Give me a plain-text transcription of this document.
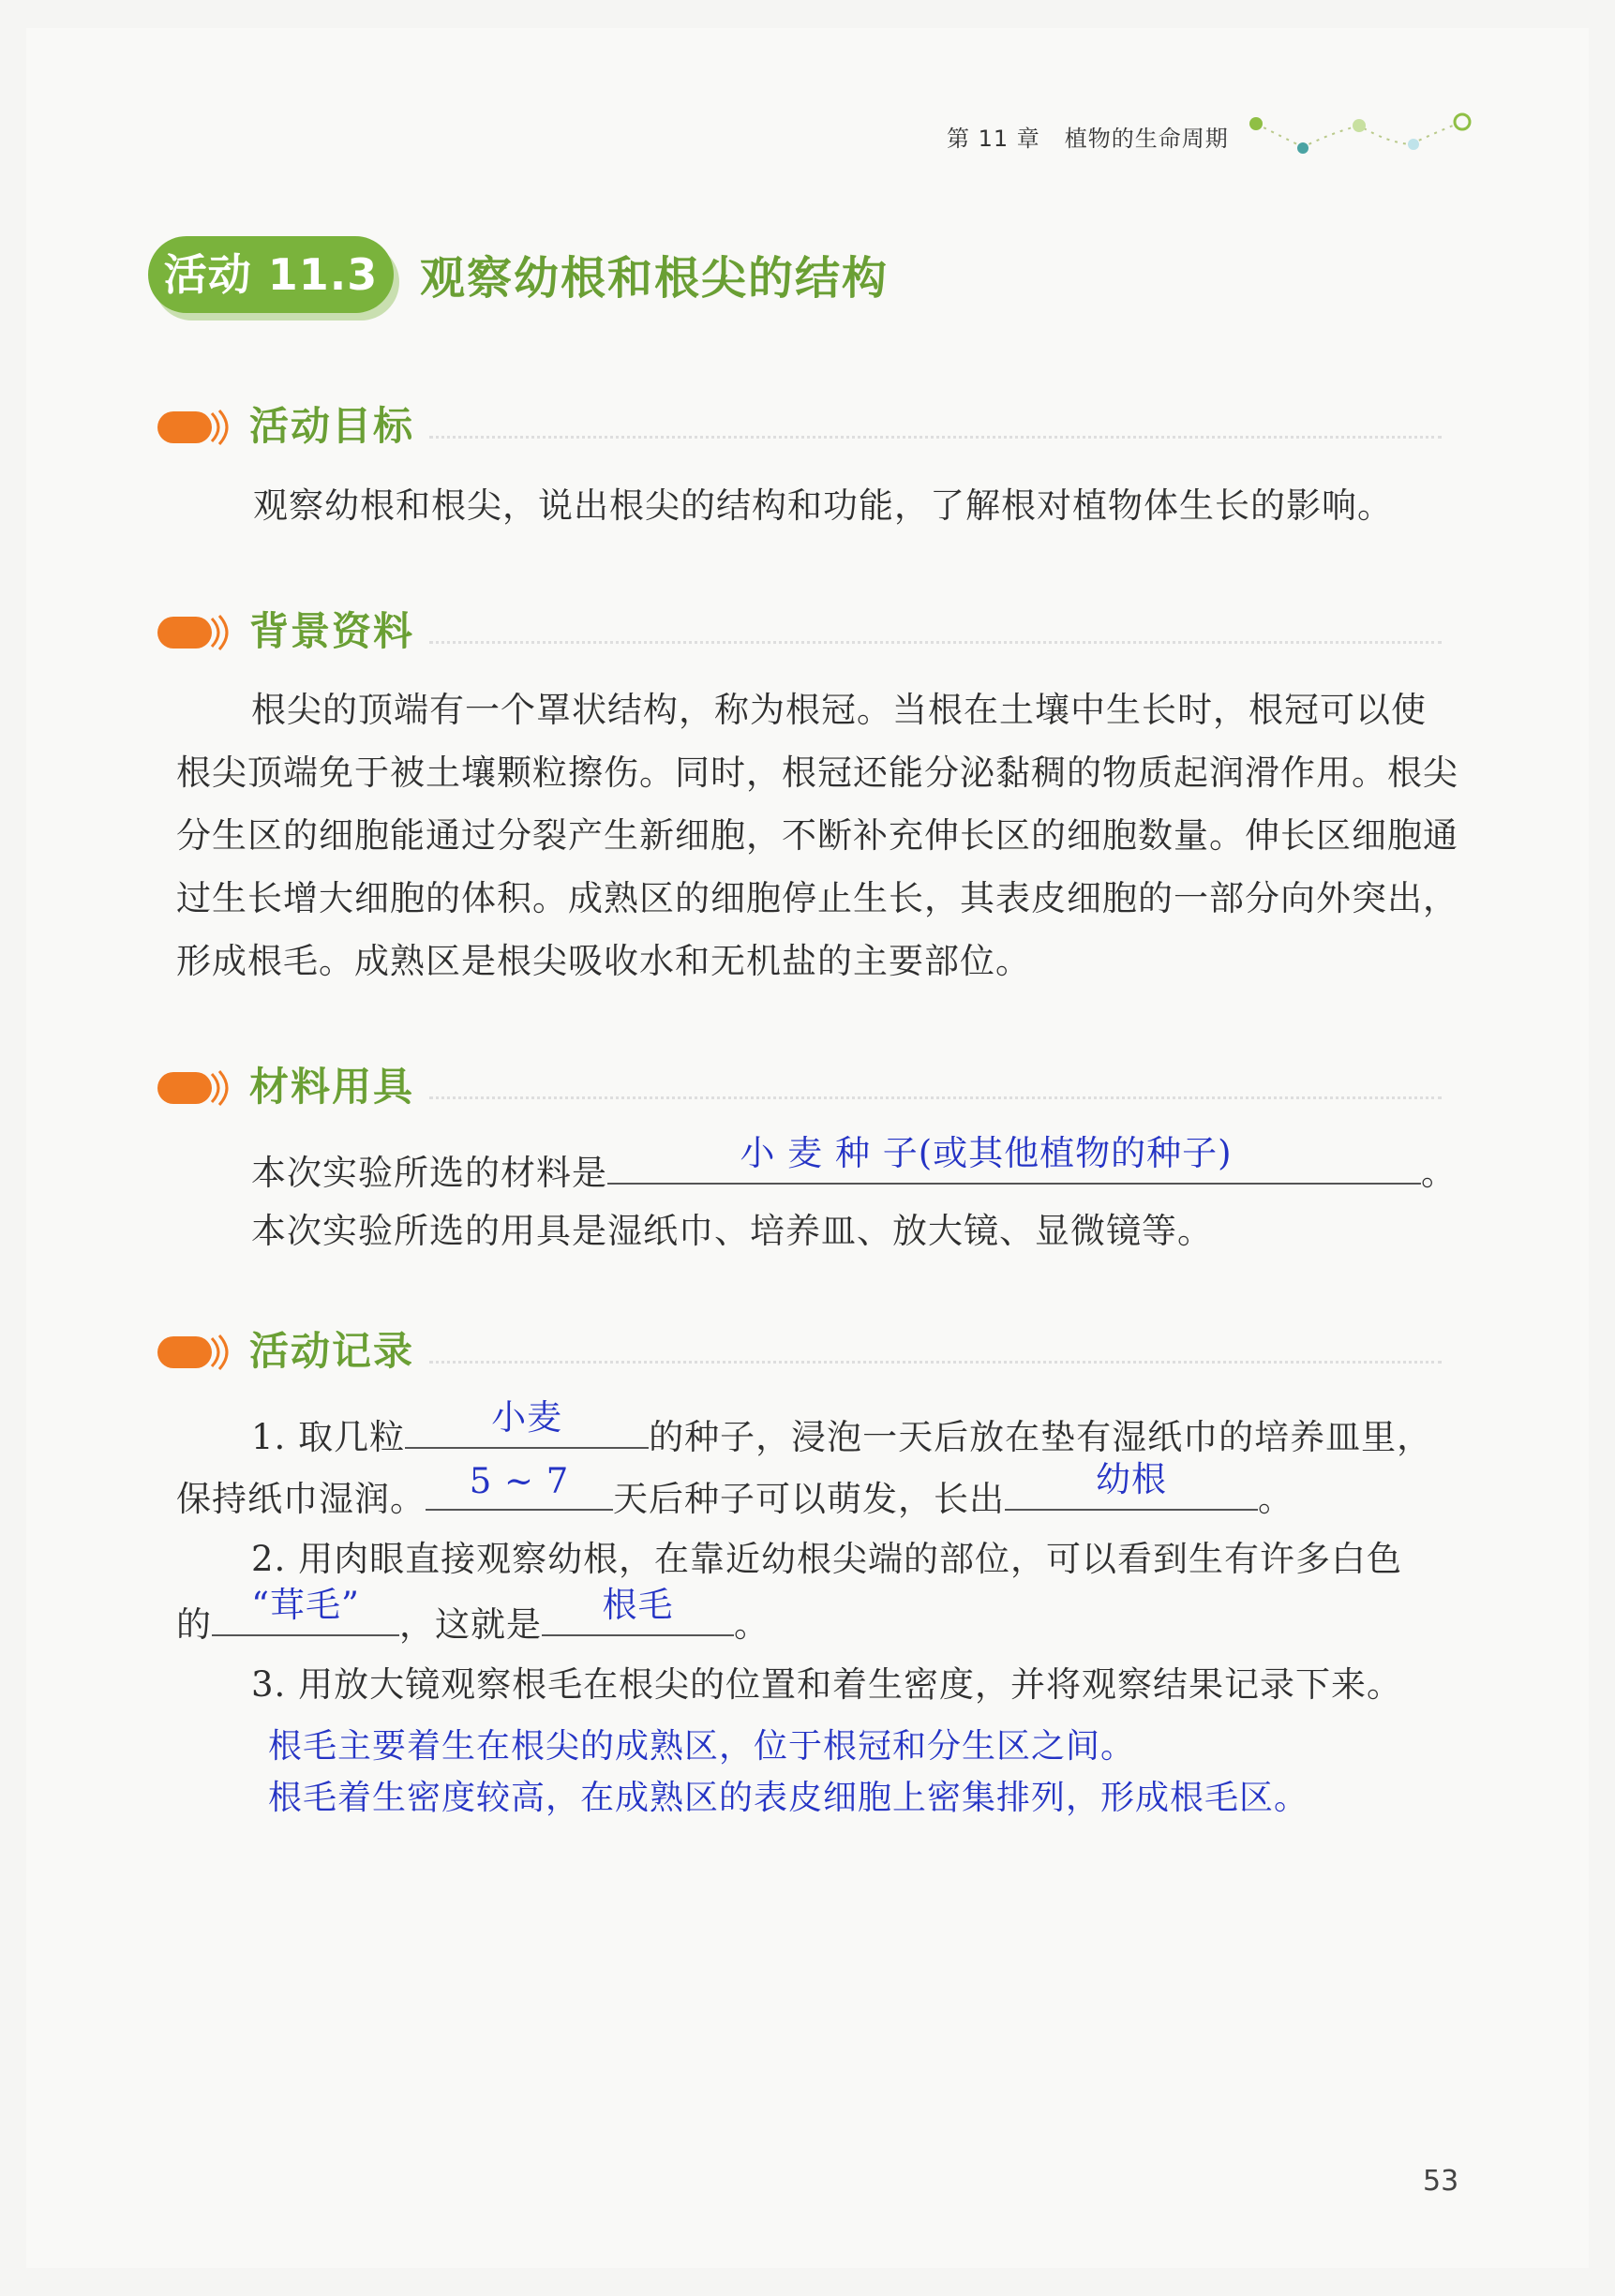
第 11 章 植物的生命周期
活动 11.3 观察幼根和根尖的结构
活动目标
观察幼根和根尖，说出根尖的结构和功能，了解根对植物体生长的影响。
背景资料

根尖的顶端有一个罩状结构，称为根冠。当根在土壤中生长时，根冠可以使根尖顶端免于被土壤颗粒擦伤。同时，根冠还能分泌黏稠的物质起润滑作用。根尖分生区的细胞能通过分裂产生新细胞，不断补充伸长区的细胞数量。伸长区细胞通过生长增大细胞的体积。成熟区的细胞停止生长，其表皮细胞的一部分向外突出，形成根毛。成熟区是根尖吸收水和无机盐的主要部位。

材料用具
本次实验所选的材料是	小 麦 种 子(或其他植物的种子)	。
本次实验所选的用具是湿纸巾、培养皿、放大镜、显微镜等。
活动记录
1. 取几粒	小麦	的种子，浸泡一天后放在垫有湿纸巾的培养皿里，
保持纸巾湿润。	5 ~ 7	天后种子可以萌发，长出	幼根	。
2. 用肉眼直接观察幼根，在靠近幼根尖端的部位，可以看到生有许多白色
的	“茸毛”	，这就是	根毛	。
3. 用放大镜观察根毛在根尖的位置和着生密度，并将观察结果记录下来。
根毛主要着生在根尖的成熟区，位于根冠和分生区之间。
根毛着生密度较高，在成熟区的表皮细胞上密集排列，形成根毛区。
53
